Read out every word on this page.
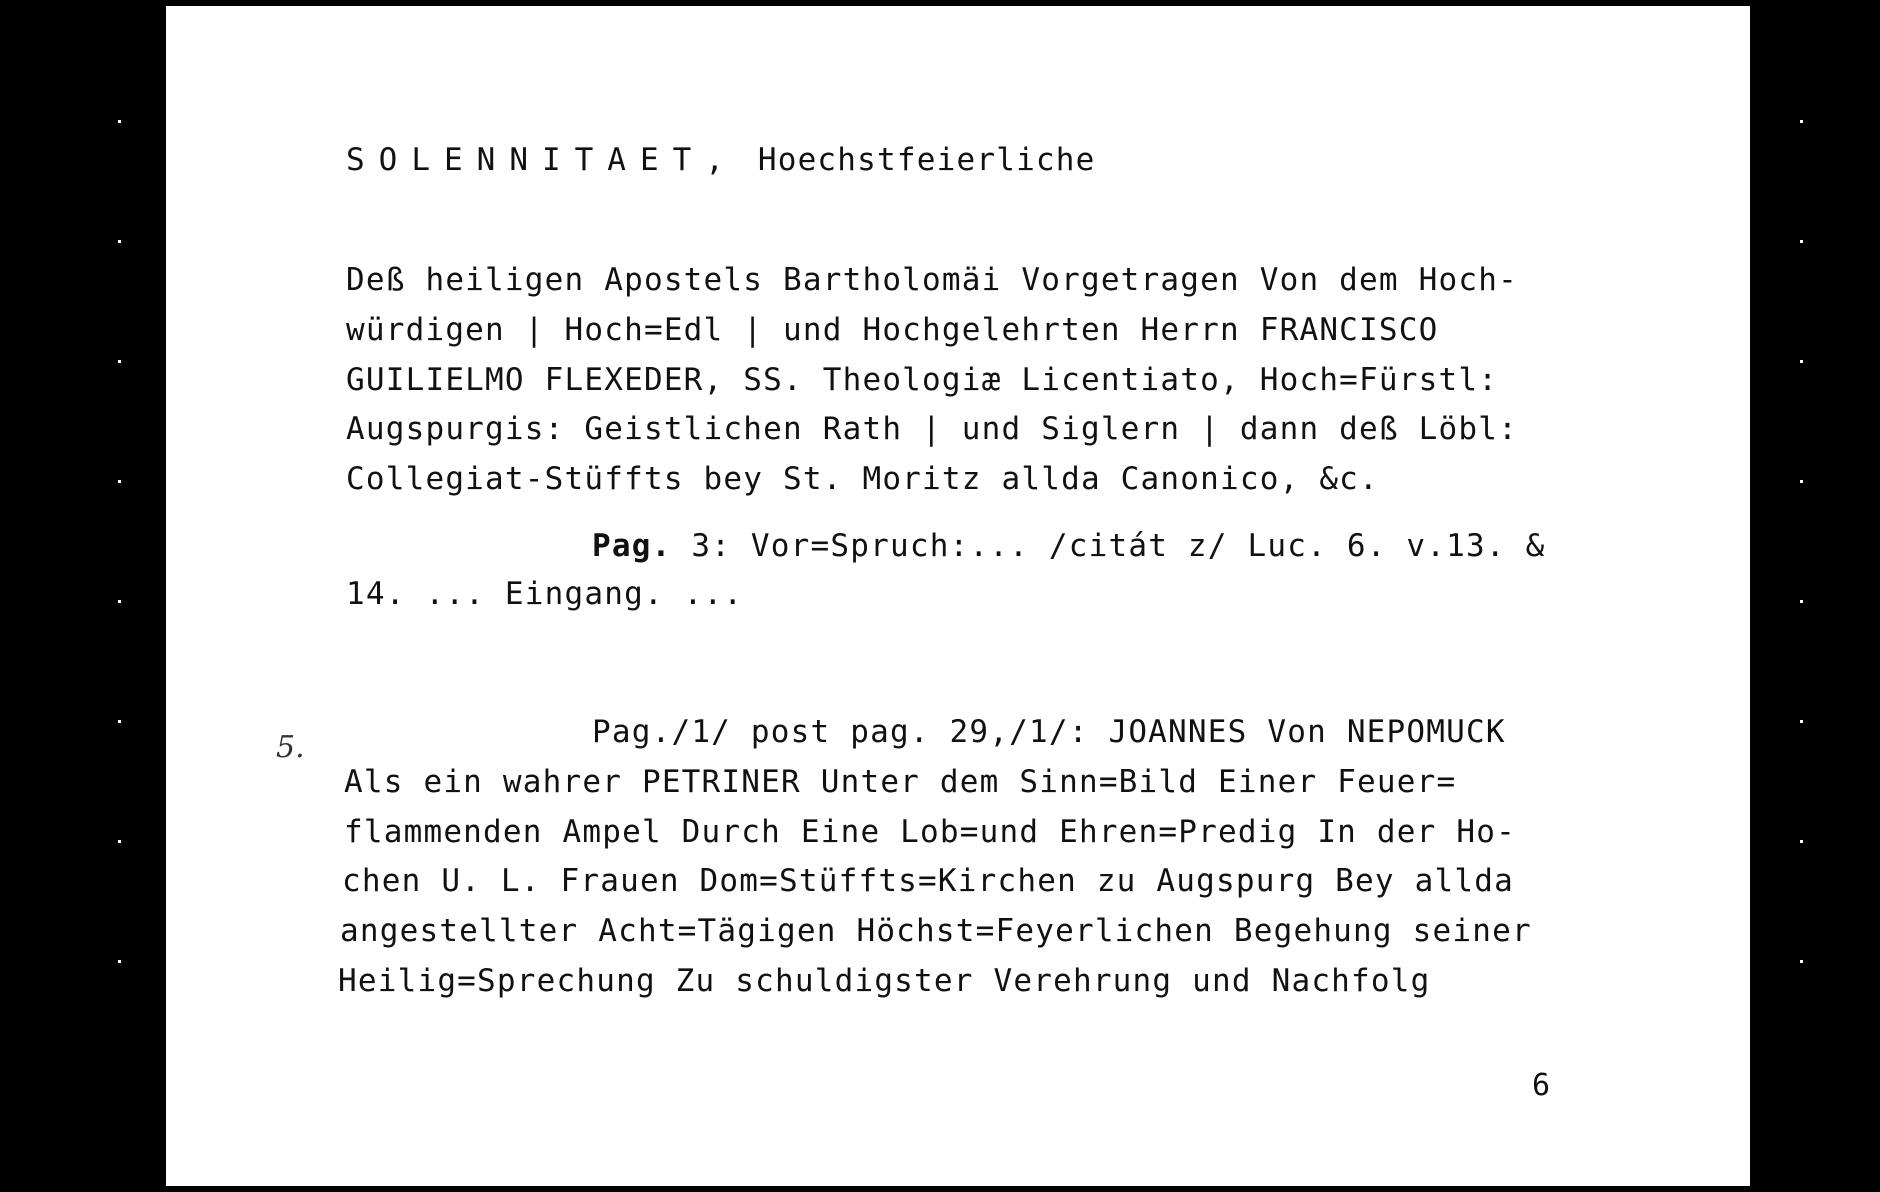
SOLENNITAET, Hoechstfeierliche
Deß heiligen Apostels Bartholomäi Vorgetragen Von dem Hoch-
würdigen | Hoch=Edl | und Hochgelehrten Herrn FRANCISCO
GUILIELMO FLEXEDER, SS. Theologiæ Licentiato, Hoch=Fürstl:
Augspurgis: Geistlichen Rath | und Siglern | dann deß Löbl:
Collegiat-Stüffts bey St. Moritz allda Canonico, &c.
Pag. 3: Vor=Spruch:... /citát z/ Luc. 6. v.13. &
14. ... Eingang. ...
5.	Pag./1/ post pag. 29,/1/: JOANNES Von NEPOMUCK
Als ein wahrer PETRINER Unter dem Sinn=Bild Einer Feuer=
flammenden Ampel Durch Eine Lob=und Ehren=Predig In der Ho-
chen U. L. Frauen Dom=Stüffts=Kirchen zu Augspurg Bey allda
angestellter Acht=Tägigen Höchst=Feyerlichen Begehung seiner
Heilig=Sprechung Zu schuldigster Verehrung und Nachfolg
6
